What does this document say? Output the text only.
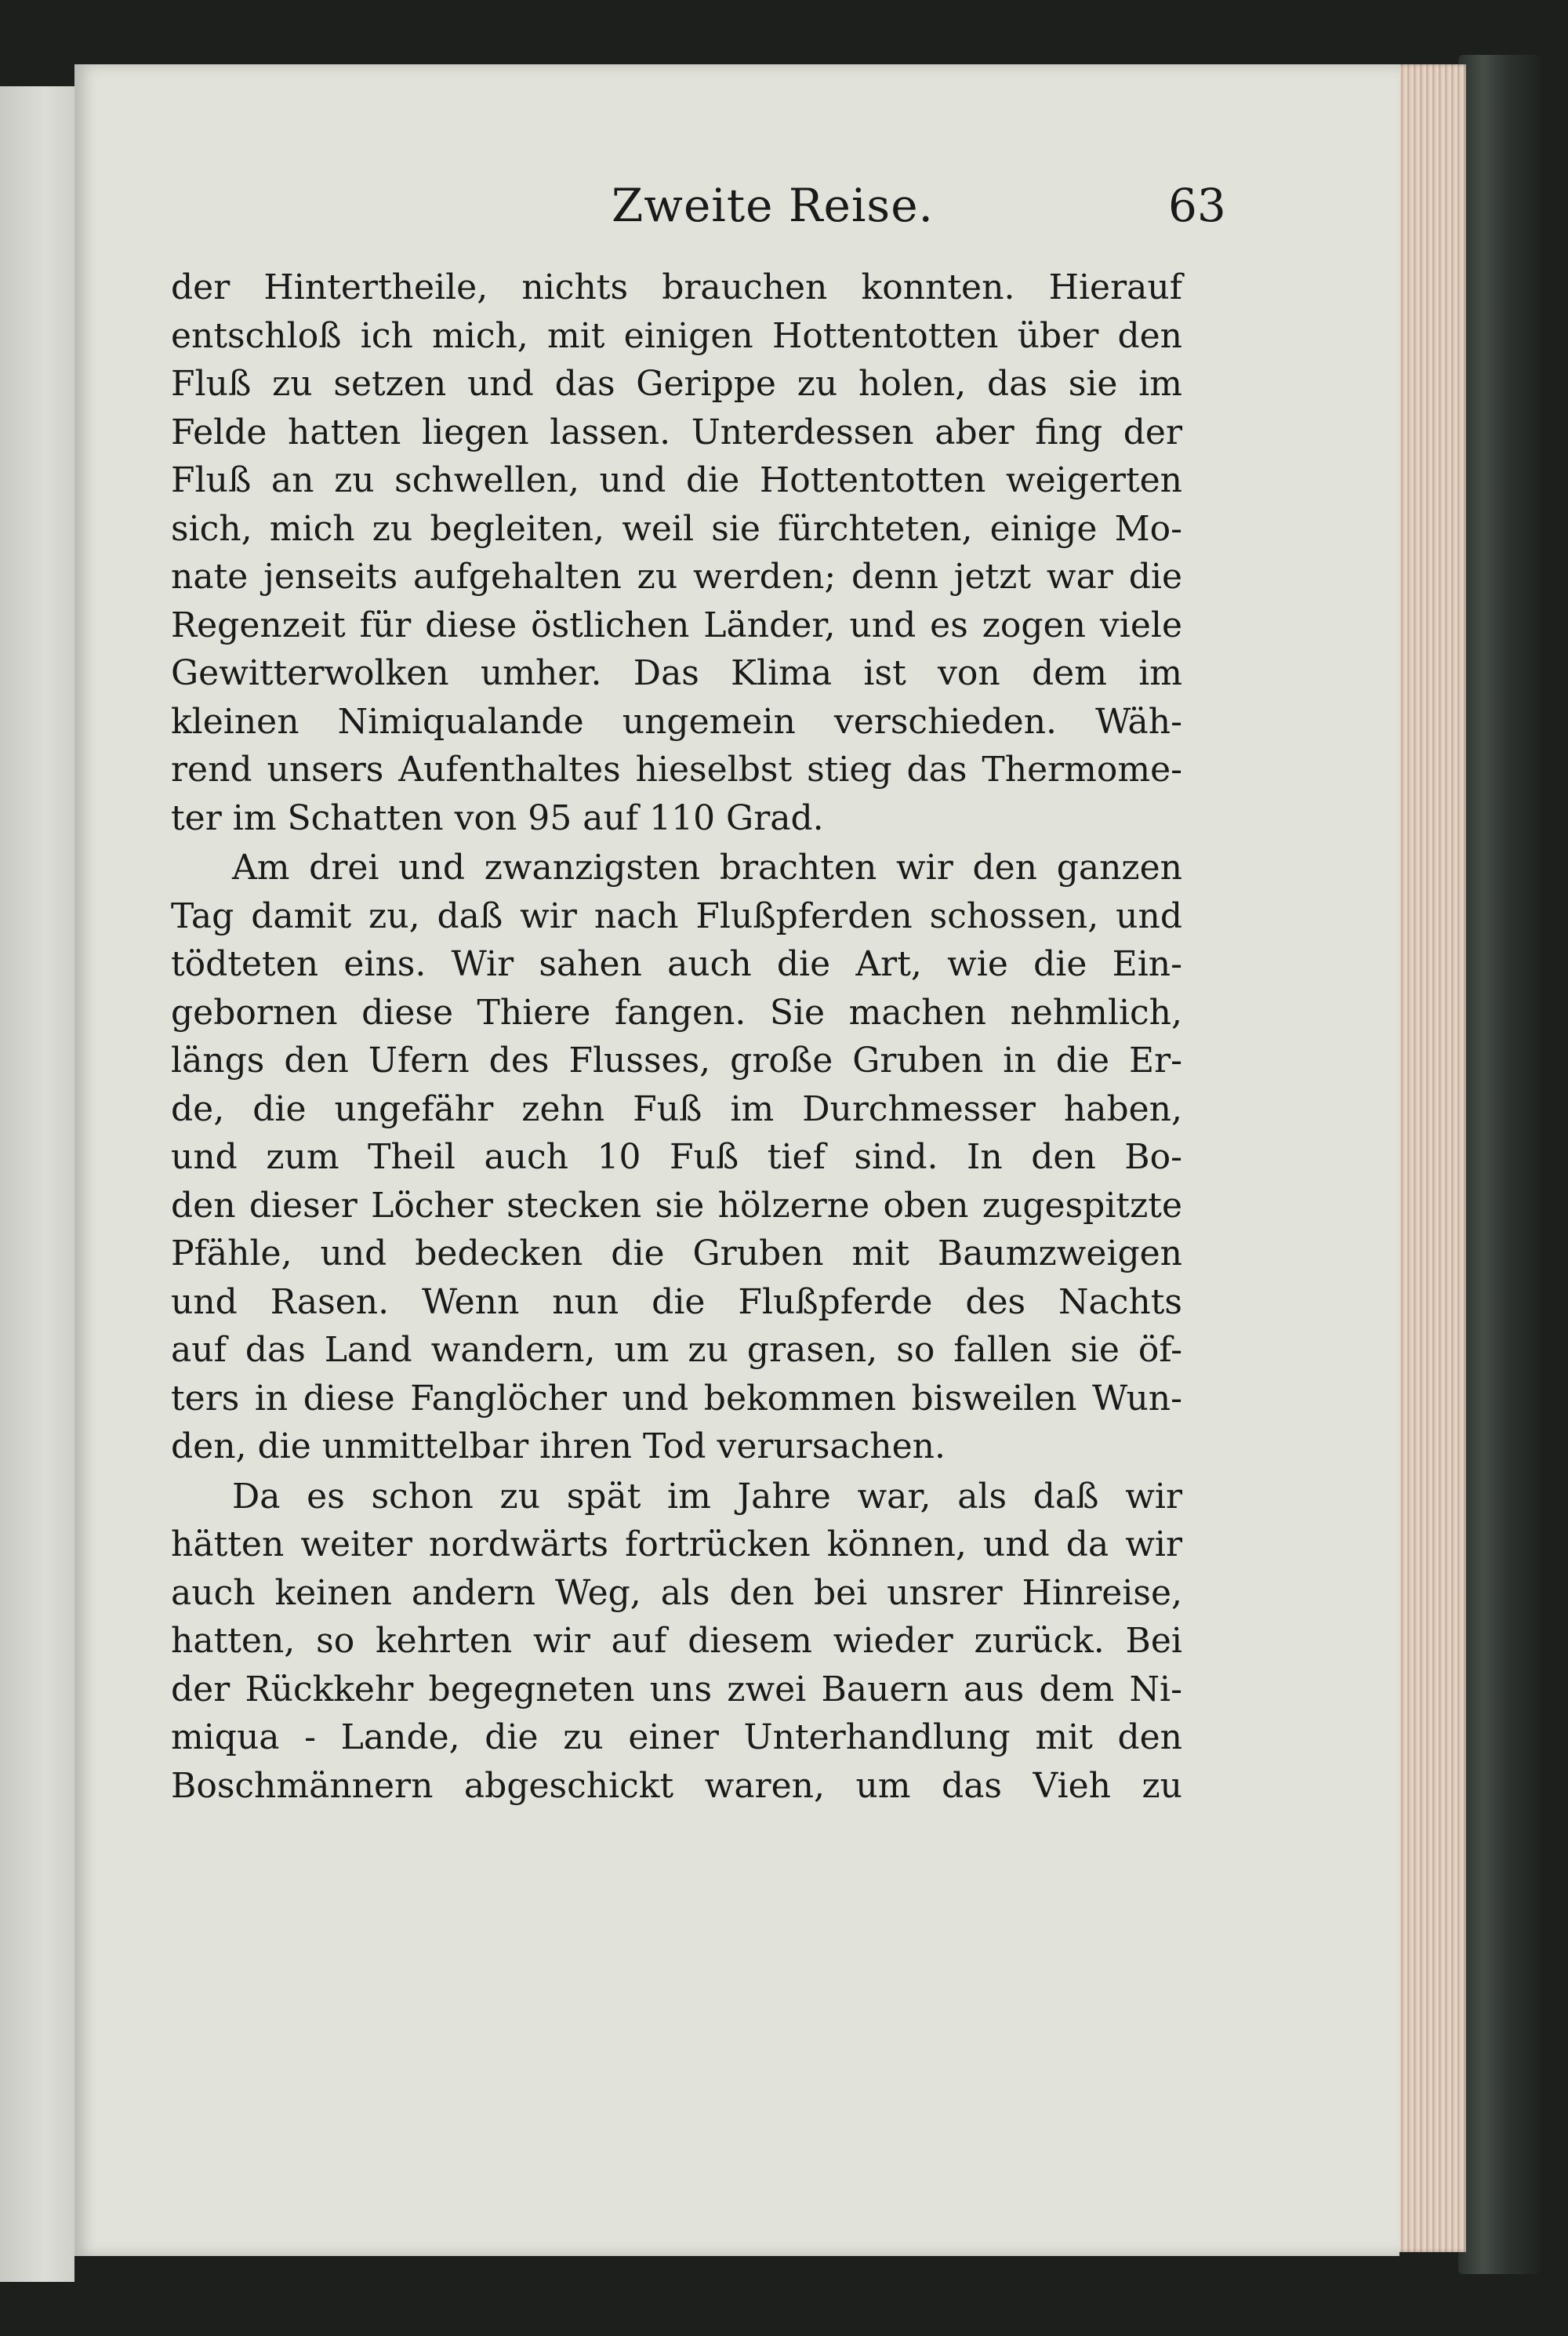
Zweite Reise.	63
der Hintertheile, nichts brauchen konnten. Hierauf
entschloß ich mich, mit einigen Hottentotten über den
Fluß zu setzen und das Gerippe zu holen, das sie im
Felde hatten liegen lassen. Unterdessen aber fing der
Fluß an zu schwellen, und die Hottentotten weigerten
sich, mich zu begleiten, weil sie fürchteten, einige Mo-
nate jenseits aufgehalten zu werden; denn jetzt war die
Regenzeit für diese östlichen Länder, und es zogen viele
Gewitterwolken umher. Das Klima ist von dem im
kleinen Nimiqualande ungemein verschieden. Wäh-
rend unsers Aufenthaltes hieselbst stieg das Thermome-
ter im Schatten von 95 auf 110 Grad.
Am drei und zwanzigsten brachten wir den ganzen
Tag damit zu, daß wir nach Flußpferden schossen, und
tödteten eins. Wir sahen auch die Art, wie die Ein-
gebornen diese Thiere fangen. Sie machen nehmlich,
längs den Ufern des Flusses, große Gruben in die Er-
de, die ungefähr zehn Fuß im Durchmesser haben,
und zum Theil auch 10 Fuß tief sind. In den Bo-
den dieser Löcher stecken sie hölzerne oben zugespitzte
Pfähle, und bedecken die Gruben mit Baumzweigen
und Rasen. Wenn nun die Flußpferde des Nachts
auf das Land wandern, um zu grasen, so fallen sie öf-
ters in diese Fanglöcher und bekommen bisweilen Wun-
den, die unmittelbar ihren Tod verursachen.
Da es schon zu spät im Jahre war, als daß wir
hätten weiter nordwärts fortrücken können, und da wir
auch keinen andern Weg, als den bei unsrer Hinreise,
hatten, so kehrten wir auf diesem wieder zurück. Bei
der Rückkehr begegneten uns zwei Bauern aus dem Ni-
miqua - Lande, die zu einer Unterhandlung mit den
Boschmännern abgeschickt waren, um das Vieh zu
